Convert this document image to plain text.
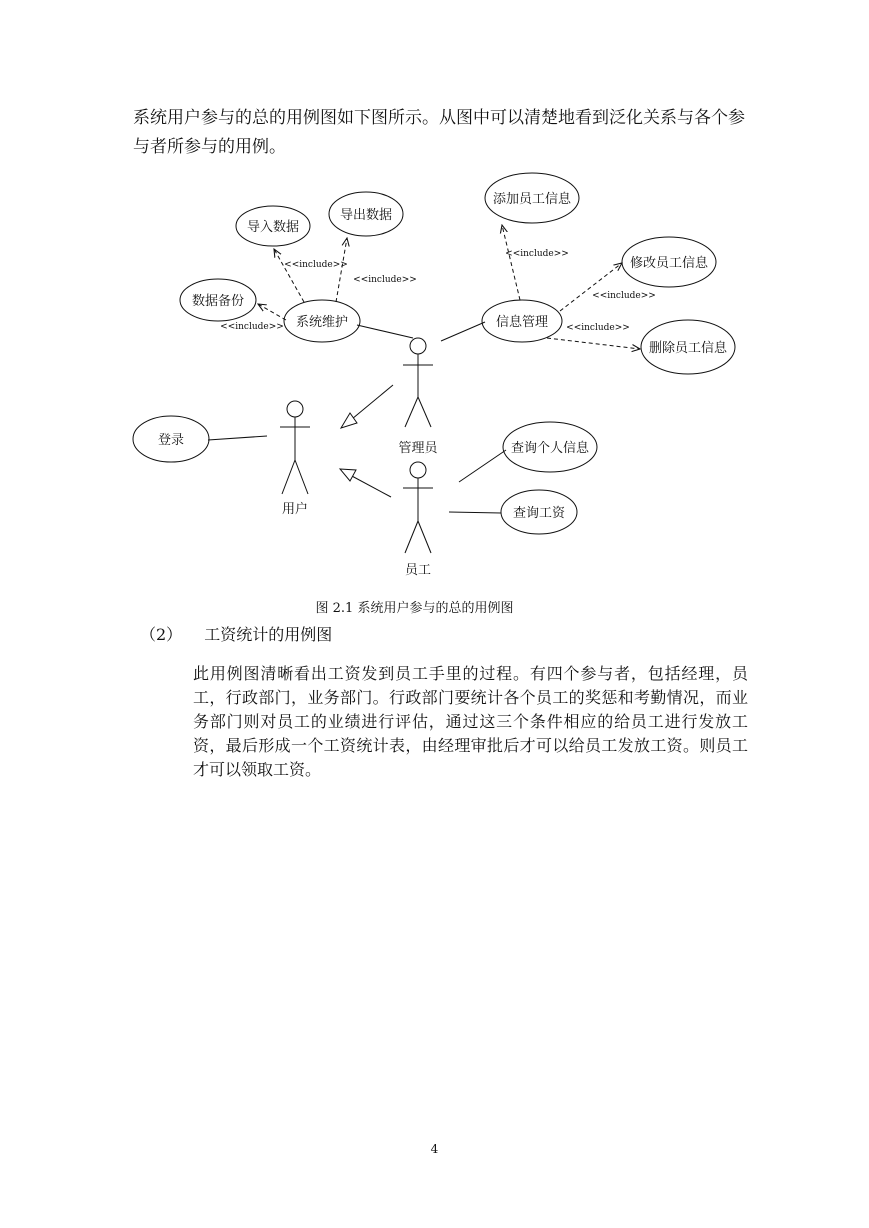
系统用户参与的总的用例图如下图所示。从图中可以清楚地看到泛化关系与各个参与者所参与的用例。

导入数据
导出数据
数据备份
系统维护
添加员工信息
修改员工信息
信息管理
删除员工信息
登录
查询个人信息
查询工资
<<include>>
<<include>>
<<include>>
<<include>>
<<include>>
<<include>>
管理员
用户
员工

图 2.1 系统用户参与的总的用例图

（2） 工资统计的用例图

此用例图清晰看出工资发到员工手里的过程。有四个参与者，包括经理，员工，行政部门，业务部门。行政部门要统计各个员工的奖惩和考勤情况，而业务部门则对员工的业绩进行评估，通过这三个条件相应的给员工进行发放工资，最后形成一个工资统计表，由经理审批后才可以给员工发放工资。则员工才可以领取工资。

4
